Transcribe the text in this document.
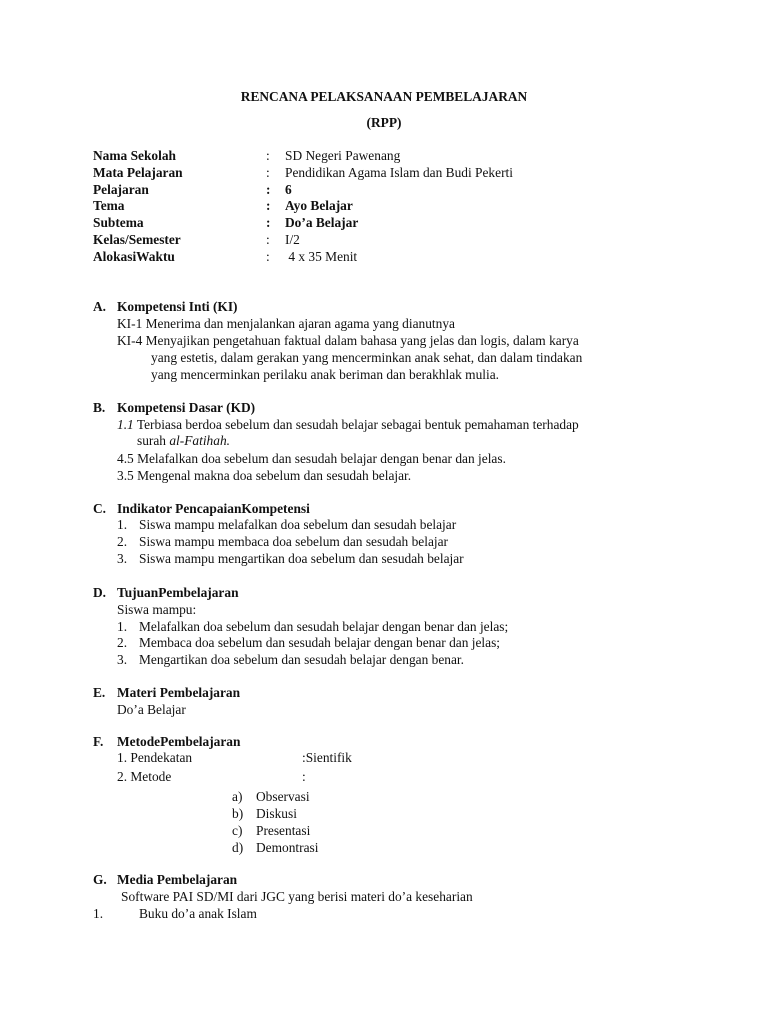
RENCANA PELAKSANAAN PEMBELAJARAN
(RPP)
Nama Sekolah	: SD Negeri Pawenang
Mata Pelajaran	: Pendidikan Agama Islam dan Budi Pekerti
Pelajaran	: 6
Tema	: Ayo Belajar
Subtema	: Do’a Belajar
Kelas/Semester	: I/2
AlokasiWaktu	: 4 x 35 Menit
A. Kompetensi Inti (KI)
KI-1 Menerima dan menjalankan ajaran agama yang dianutnya
KI-4 Menyajikan pengetahuan faktual dalam bahasa yang jelas dan logis, dalam karya
yang estetis, dalam gerakan yang mencerminkan anak sehat, dan dalam tindakan
yang mencerminkan perilaku anak beriman dan berakhlak mulia.
B. Kompetensi Dasar (KD)
1.1 Terbiasa berdoa sebelum dan sesudah belajar sebagai bentuk pemahaman terhadap
surah al-Fatihah.
4.5 Melafalkan doa sebelum dan sesudah belajar dengan benar dan jelas.
3.5 Mengenal makna doa sebelum dan sesudah belajar.
C. Indikator PencapaianKompetensi
1. Siswa mampu melafalkan doa sebelum dan sesudah belajar
2. Siswa mampu membaca doa sebelum dan sesudah belajar
3. Siswa mampu mengartikan doa sebelum dan sesudah belajar
D. TujuanPembelajaran
Siswa mampu:
1. Melafalkan doa sebelum dan sesudah belajar dengan benar dan jelas;
2. Membaca doa sebelum dan sesudah belajar dengan benar dan jelas;
3. Mengartikan doa sebelum dan sesudah belajar dengan benar.
E. Materi Pembelajaran
Do’a Belajar
F. MetodePembelajaran
1. Pendekatan	:Sientifik
2. Metode	:
a) Observasi
b) Diskusi
c) Presentasi
d) Demontrasi
G. Media Pembelajaran
Software PAI SD/MI dari JGC yang berisi materi do’a keseharian
1.	Buku do’a anak Islam
